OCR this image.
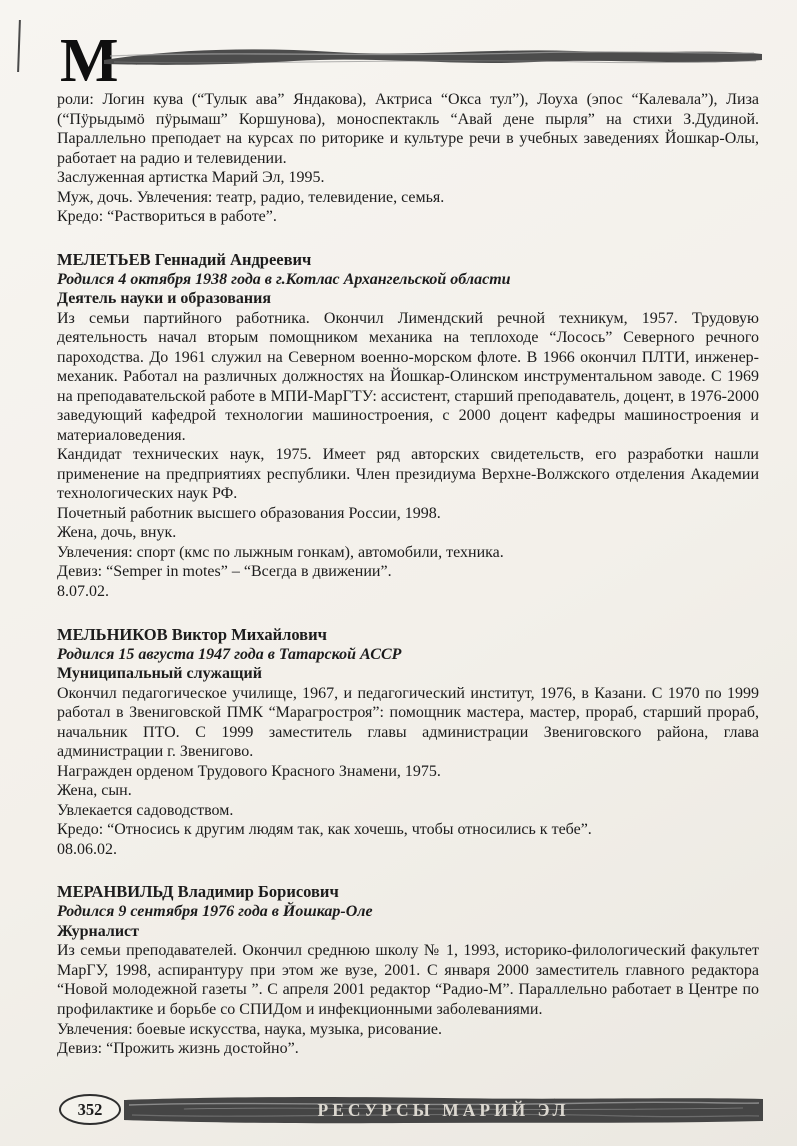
М

роли: Логин кува (“Тулык ава” Яндакова), Актриса “Окса тул”), Лоуха (эпос “Калевала”), Лиза (“Пӱрыдымӧ пӱрымаш” Коршунова), моноспектакль “Авай дене пырля” на стихи З.Дудиной. Параллельно преподает на курсах по риторике и культуре речи в учебных заведениях Йошкар-Олы, работает на радио и телевидении.

Заслуженная артистка Марий Эл, 1995.

Муж, дочь. Увлечения: театр, радио, телевидение, семья.

Кредо: “Раствориться в работе”.

МЕЛЕТЬЕВ Геннадий Андреевич

Родился 4 октября 1938 года в г.Котлас Архангельской области

Деятель науки и образования

Из семьи партийного работника. Окончил Лимендский речной техникум, 1957. Трудовую деятельность начал вторым помощником механика на теплоходе “Лосось” Северного речного пароходства. До 1961 служил на Северном военно-морском флоте. В 1966 окончил ПЛТИ, инженер-механик. Работал на различных должностях на Йошкар-Олинском инструментальном заводе. С 1969 на преподавательской работе в МПИ-МарГТУ: ассистент, старший преподаватель, доцент, в 1976-2000 заведующий кафедрой технологии машиностроения, с 2000 доцент кафедры машиностроения и материаловедения.

Кандидат технических наук, 1975. Имеет ряд авторских свидетельств, его разработки нашли применение на предприятиях республики. Член президиума Верхне-Волжского отделения Академии технологических наук РФ.

Почетный работник высшего образования России, 1998.

Жена, дочь, внук.

Увлечения: спорт (кмс по лыжным гонкам), автомобили, техника.

Девиз: “Semper in motes” – “Всегда в движении”.

8.07.02.

МЕЛЬНИКОВ Виктор Михайлович

Родился 15 августа 1947 года в Татарской АССР

Муниципальный служащий

Окончил педагогическое училище, 1967, и педагогический институт, 1976, в Казани. С 1970 по 1999 работал в Звениговской ПМК “Марагростроя”: помощник мастера, мастер, прораб, старший прораб, начальник ПТО. С 1999 заместитель главы администрации Звениговского района, глава администрации г. Звенигово.

Награжден орденом Трудового Красного Знамени, 1975.

Жена, сын.

Увлекается садоводством.

Кредо: “Относись к другим людям так, как хочешь, чтобы относились к тебе”.

08.06.02.

МЕРАНВИЛЬД Владимир Борисович

Родился 9 сентября 1976 года в Йошкар-Оле

Журналист

Из семьи преподавателей. Окончил среднюю школу № 1, 1993, историко-филологический факультет МарГУ, 1998, аспирантуру при этом же вузе, 2001. С января 2000 заместитель главного редактора “Новой молодежной газеты ”. С апреля 2001 редактор “Радио-М”. Параллельно работает в Центре по профилактике и борьбе со СПИДом и инфекционными заболеваниями.

Увлечения: боевые искусства, наука, музыка, рисование.

Девиз: “Прожить жизнь достойно”.

352	РЕСУРСЫ МАРИЙ ЭЛ
